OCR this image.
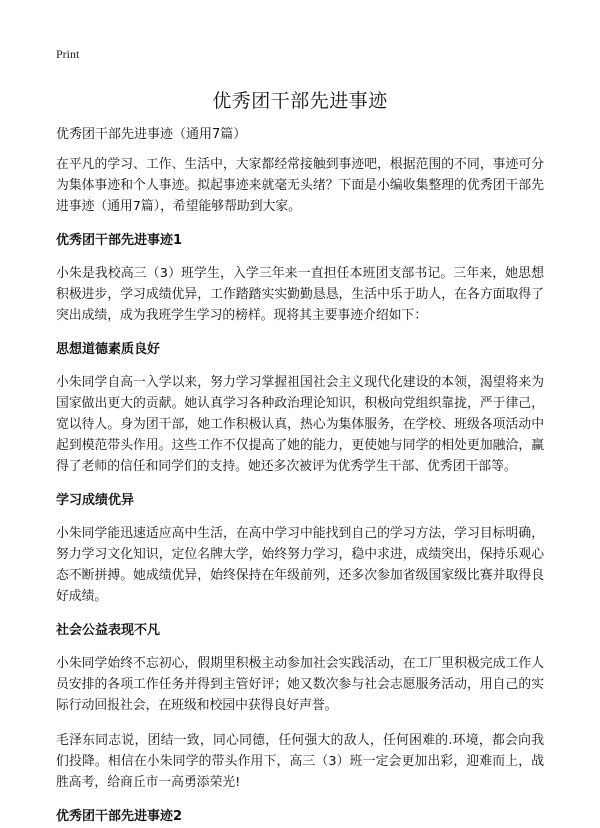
Print
优秀团干部先进事迹
优秀团干部先进事迹（通用7篇）

在平凡的学习、工作、生活中，大家都经常接触到事迹吧，根据范围的不同，事迹可分为集体事迹和个人事迹。拟起事迹来就毫无头绪？下面是小编收集整理的优秀团干部先进事迹（通用7篇），希望能够帮助到大家。

优秀团干部先进事迹1

小朱是我校高三（3）班学生，入学三年来一直担任本班团支部书记。三年来，她思想积极进步，学习成绩优异，工作踏踏实实勤勤恳恳，生活中乐于助人，在各方面取得了突出成绩，成为我班学生学习的榜样。现将其主要事迹介绍如下：

思想道德素质良好

小朱同学自高一入学以来，努力学习掌握祖国社会主义现代化建设的本领，渴望将来为国家做出更大的贡献。她认真学习各种政治理论知识，积极向党组织靠拢，严于律己，宽以待人。身为团干部，她工作积极认真，热心为集体服务，在学校、班级各项活动中起到模范带头作用。这些工作不仅提高了她的能力，更使她与同学的相处更加融洽，赢得了老师的信任和同学们的支持。她还多次被评为优秀学生干部、优秀团干部等。

学习成绩优异

小朱同学能迅速适应高中生活，在高中学习中能找到自己的学习方法，学习目标明确，努力学习文化知识，定位名牌大学，始终努力学习，稳中求进，成绩突出，保持乐观心态不断拼搏。她成绩优异，始终保持在年级前列，还多次参加省级国家级比赛并取得良好成绩。

社会公益表现不凡

小朱同学始终不忘初心，假期里积极主动参加社会实践活动，在工厂里积极完成工作人员安排的各项工作任务并得到主管好评；她又数次参与社会志愿服务活动，用自己的实际行动回报社会，在班级和校园中获得良好声誉。

毛泽东同志说，团结一致，同心同德，任何强大的敌人，任何困难的.环境，都会向我们投降。相信在小朱同学的带头作用下，高三（3）班一定会更加出彩，迎难而上，战胜高考，给商丘市一高勇添荣光!

优秀团干部先进事迹2
